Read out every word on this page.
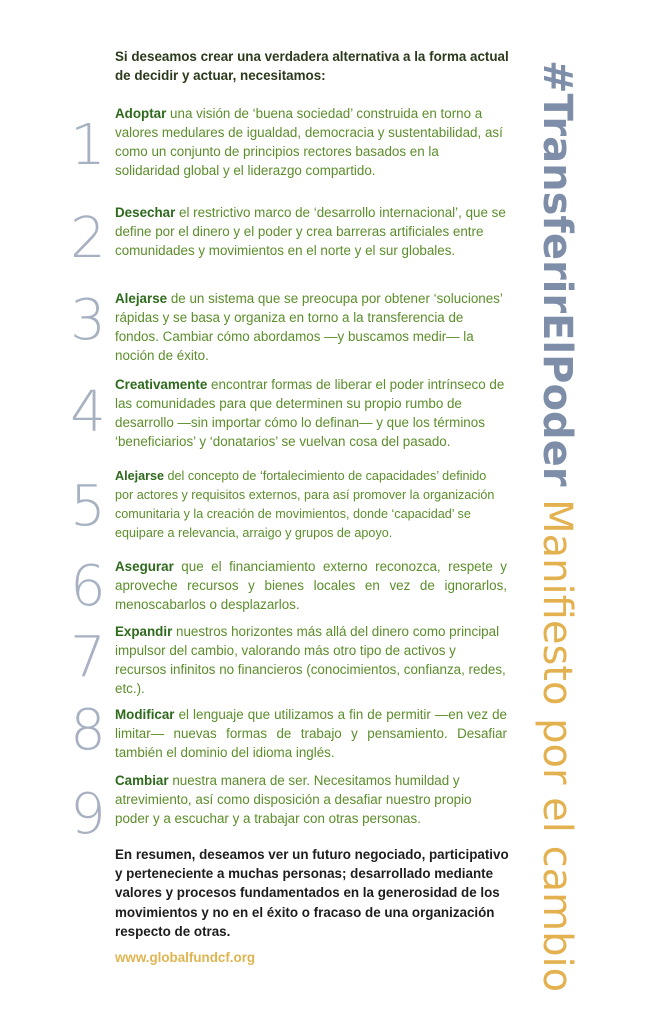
Si deseamos crear una verdadera alternativa a la forma actual de decidir y actuar, necesitamos:
1 Adoptar una visión de ‘buena sociedad’ construida en torno a valores medulares de igualdad, democracia y sustentabilidad, así como un conjunto de principios rectores basados en la solidaridad global y el liderazgo compartido.
2 Desechar el restrictivo marco de ‘desarrollo internacional’, que se define por el dinero y el poder y crea barreras artificiales entre comunidades y movimientos en el norte y el sur globales.
3 Alejarse de un sistema que se preocupa por obtener ‘soluciones’ rápidas y se basa y organiza en torno a la transferencia de fondos. Cambiar cómo abordamos —y buscamos medir— la noción de éxito.
4 Creativamente encontrar formas de liberar el poder intrínseco de las comunidades para que determinen su propio rumbo de desarrollo —sin importar cómo lo definan— y que los términos ‘beneficiarios’ y ‘donatarios’ se vuelvan cosa del pasado.
5 Alejarse del concepto de ‘fortalecimiento de capacidades’ definido por actores y requisitos externos, para así promover la organización comunitaria y la creación de movimientos, donde ‘capacidad’ se equipare a relevancia, arraigo y grupos de apoyo.
6 Asegurar que el financiamiento externo reconozca, respete y aproveche recursos y bienes locales en vez de ignorarlos, menoscabarlos o desplazarlos.
7 Expandir nuestros horizontes más allá del dinero como principal impulsor del cambio, valorando más otro tipo de activos y recursos infinitos no financieros (conocimientos, confianza, redes, etc.).
8 Modificar el lenguaje que utilizamos a fin de permitir —en vez de limitar— nuevas formas de trabajo y pensamiento. Desafiar también el dominio del idioma inglés.
9
Cambiar nuestra manera de ser. Necesitamos humildad y atrevimiento, así como disposición a desafiar nuestro propio poder y a escuchar y a trabajar con otras personas.
En resumen, deseamos ver un futuro negociado, participativo y perteneciente a muchas personas; desarrollado mediante valores y procesos fundamentados en la generosidad de los movimientos y no en el éxito o fracaso de una organización respecto de otras.
www.globalfundcf.org
#TransferirElPoder Manifiesto por el cambio
